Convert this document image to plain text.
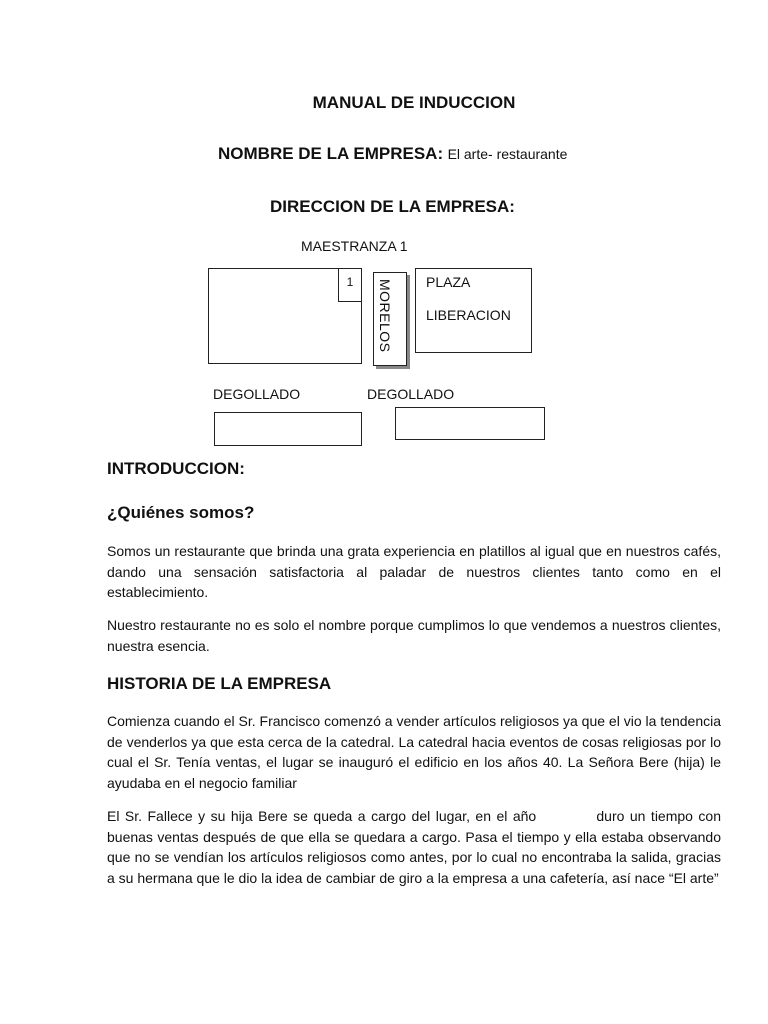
MANUAL DE INDUCCION
NOMBRE DE LA EMPRESA: El arte- restaurante
DIRECCION DE LA EMPRESA:
MAESTRANZA 1
1	MORELOS PLAZA
LIBERACION
DEGOLLADO	DEGOLLADO
INTRODUCCION:
¿Quiénes somos?

Somos un restaurante que brinda una grata experiencia en platillos al igual que en nuestros cafés, dando una sensación satisfactoria al paladar de nuestros clientes tanto como en el establecimiento.

Nuestro restaurante no es solo el nombre porque cumplimos lo que vendemos a nuestros clientes, nuestra esencia.

HISTORIA DE LA EMPRESA

Comienza cuando el Sr. Francisco comenzó a vender artículos religiosos ya que el vio la tendencia de venderlos ya que esta cerca de la catedral. La catedral hacia eventos de cosas religiosas por lo cual el Sr. Tenía ventas, el lugar se inauguró el edificio en los años 40. La Señora Bere (hija) le ayudaba en el negocio familiar

El Sr. Fallece y su hija Bere se queda a cargo del lugar, en el año           duro un tiempo con buenas ventas después de que ella se quedara a cargo. Pasa el tiempo y ella estaba observando que no se vendían los artículos religiosos como antes, por lo cual no encontraba la salida, gracias a su hermana que le dio la idea de cambiar de giro a la empresa a una cafetería, así nace “El arte”
